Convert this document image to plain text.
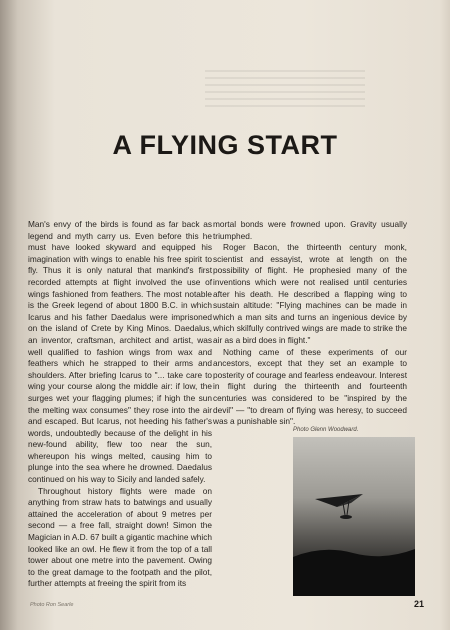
A FLYING START

Man's envy of the birds is found as far back as legend and myth carry us. Even before this he must have looked skyward and equipped his imagination with wings to enable his free spirit to fly. Thus it is only natural that mankind's first recorded attempts at flight involved the use of wings fashioned from feathers. The most notable is the Greek legend of about 1800 B.C. in which Icarus and his father Daedalus were imprisoned on the island of Crete by King Minos. Daedalus, an inventor, craftsman, architect and artist, was well qualified to fashion wings from wax and feathers which he strapped to their arms and shoulders. After briefing Icarus to "... take care to wing your course along the middle air: if low, the surges wet your flagging plumes; if high the sun the melting wax consumes" they rose into the air and escaped. But Icarus, not heeding his father's words, undoubtedly because of the delight in his new-found ability, flew too near the sun, whereupon his wings melted, causing him to plunge into the sea where he drowned. Daedalus continued on his way to Sicily and landed safely.

Throughout history flights were made on anything from straw hats to batwings and usually attained the acceleration of about 9 metres per second — a free fall, straight down! Simon the Magician in A.D. 67 built a gigantic machine which looked like an owl. He flew it from the top of a tall tower about one metre into the pavement. Owing to the great damage to the footpath and the pilot, further attempts at freeing the spirit from its

mortal bonds were frowned upon. Gravity usually triumphed.

Roger Bacon, the thirteenth century monk, scientist and essayist, wrote at length on the possibility of flight. He prophesied many of the inventions which were not realised until centuries after his death. He described a flapping wing to sustain altitude: "Flying machines can be made in which a man sits and turns an ingenious device by which skilfully contrived wings are made to strike the air as a bird does in flight."

Nothing came of these experiments of our ancestors, except that they set an example to posterity of courage and fearless endeavour. Interest in flight during the thirteenth and fourteenth centuries was considered to be "inspired by the devil" — "to dream of flying was heresy, to succeed was a punishable sin".

Photo Glenn Woodward.
Photo Ron Searle	21
